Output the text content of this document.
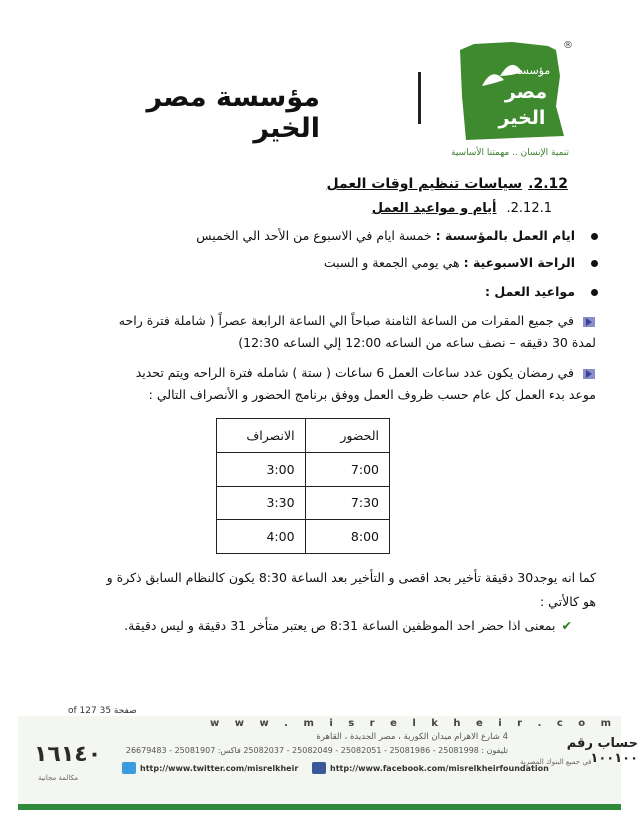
مؤسسة مصر الخير
مؤسسة
مصر
الخير
®
تنمية الإنسان .. مهمتنا الأساسية
2.12.سياسات تنظيم اوقات العمل
2.12.1.أيام و مواعيد العمل
ايام العمل بالمؤسسة : خمسة ايام في الاسبوع من الأحد الي الخميس
الراحة الاسبوعية : هي يومي الجمعة و السبت
مواعيد العمل :
في جميع المقرات من الساعة الثامنة صباحاً الي الساعة الرابعة عصراً ( شاملة فترة راحه
لمدة 30 دقيقه – نصف ساعه من الساعه 12:00 إلي الساعه 12:30)
في رمضان يكون عدد ساعات العمل 6 ساعات ( ستة ) شامله فترة الراحه ويتم تحديد
موعد بدء العمل كل عام حسب ظروف العمل ووفق برنامج الحضور و الأنصراف التالي :
الحضور	الانصراف
7:00	3:00
7:30	3:30
8:00	4:00
كما انه يوجد30 دقيقة تأخير بحد اقصى و التأخير بعد الساعة 8:30 يكون كالنظام السابق ذكرة و
هو كالأتي :
✔بمعنى اذا حضر احد الموظفين الساعة 8:31 ص يعتبر متأخر 31 دقيقة و ليس دقيقة.
صفحة 35 of 127
w w w . m i s r e l k h e i r . c o m
4 شارع الاهرام ميدان الكوربة ، مصر الجديدة ، القاهرة
تليفون : 25081998 - 25081986 - 25082051 - 25082049 - 25082037 فاكس: 25081907 - 26679483
http://www.twitter.com/misrelkheir	http://www.facebook.com/misrelkheirfoundation
١٦١٤٠
مكالمة مجانية
حساب رقم ١٠٠١٠٠
في جميع البنوك المصرية
